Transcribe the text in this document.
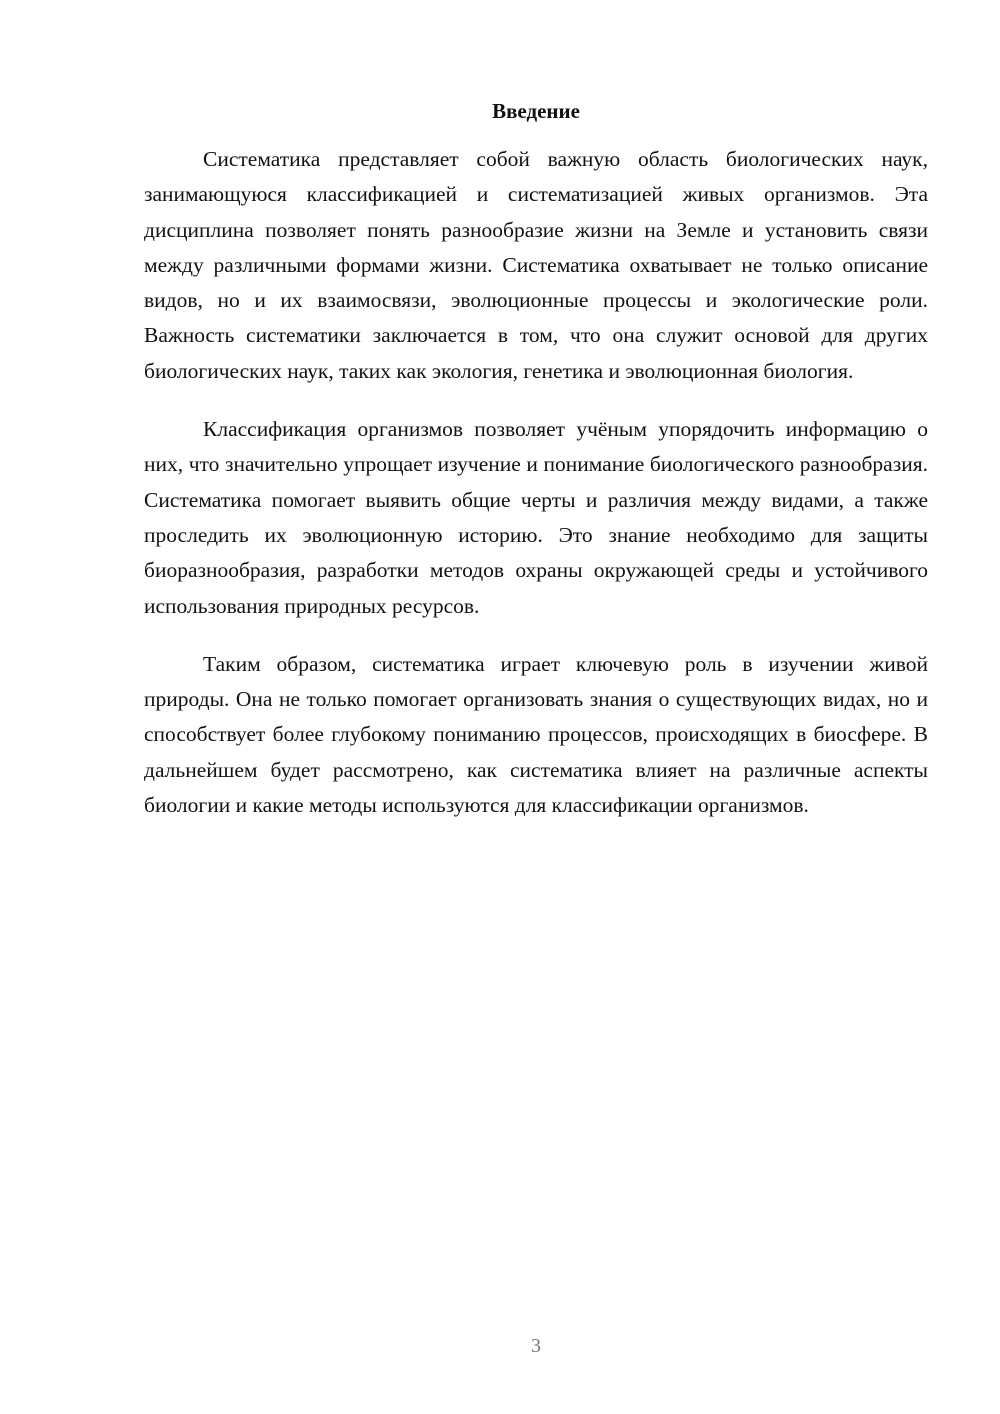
Введение

Систематика представляет собой важную область биологических наук, занимающуюся классификацией и систематизацией живых организмов. Эта дисциплина позволяет понять разнообразие жизни на Земле и установить связи между различными формами жизни. Систематика охватывает не только описание видов, но и их взаимосвязи, эволюционные процессы и экологические роли. Важность систематики заключается в том, что она служит основой для других биологических наук, таких как экология, генетика и эволюционная биология.

Классификация организмов позволяет учёным упорядочить информацию о них, что значительно упрощает изучение и понимание биологического разнообразия. Систематика помогает выявить общие черты и различия между видами, а также проследить их эволюционную историю. Это знание необходимо для защиты биоразнообразия, разработки методов охраны окружающей среды и устойчивого использования природных ресурсов.

Таким образом, систематика играет ключевую роль в изучении живой природы. Она не только помогает организовать знания о существующих видах, но и способствует более глубокому пониманию процессов, происходящих в биосфере. В дальнейшем будет рассмотрено, как систематика влияет на различные аспекты биологии и какие методы используются для классификации организмов.

3
